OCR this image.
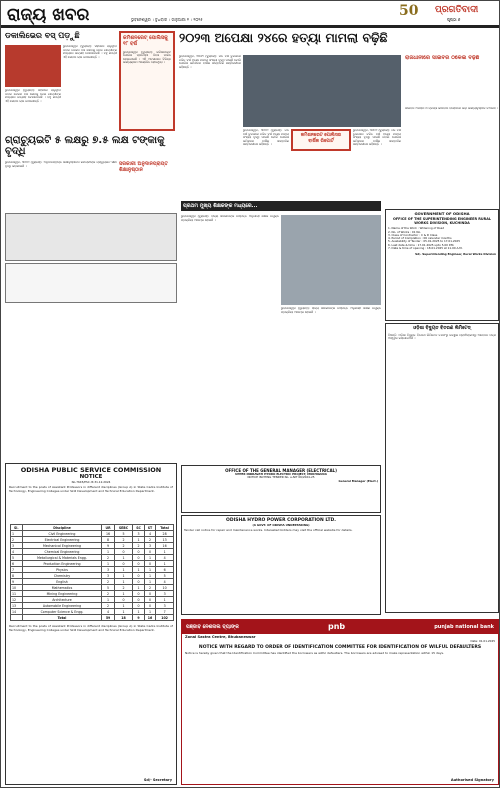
ରାଜ୍ୟ ଖବର	ଭୁବନେଶ୍ୱର । ବୁଧବାର । ଜାନୁଆରୀ ୧ । ୨୦୨୫
50 ପ୍ରଗତିବାଦୀ
ପୃଷ୍ଠା ୬
ଡକାଲିଭେର ବସ୍‌ ପଡ଼ୁଛି
ଭୁବନେଶ୍ୱର (ବ୍ୟୁରୋ): ସହରରେ ଚାଲୁଥିବା ଡବଲ ଡେକର ବସ ସେବାକୁ ନେଇ ଯାତ୍ରୀଙ୍କ ମଧ୍ୟରେ ଉତ୍ସାହ ଦେଖାଦେଇଛି । ବହୁ ଯାତ୍ରୀ ଏହି ସେବାର ଲାଭ ଉଠାଉଛନ୍ତି ।
ଭୁବନେଶ୍ୱର (ବ୍ୟୁରୋ): ସହରରେ ଚାଲୁଥିବା ଡବଲ ଡେକର ବସ ସେବାକୁ ନେଇ ଯାତ୍ରୀଙ୍କ ମଧ୍ୟରେ ଉତ୍ସାହ ଦେଖାଦେଇଛି । ବହୁ ଯାତ୍ରୀ ଏହି ସେବାର ଲାଭ ଉଠାଉଛନ୍ତି ।
କମିଶନରେଟ୍ ପୋଲିସକୁ ୧୮ ବର୍ଷ
ଭୁବନେଶ୍ୱର (ବ୍ୟୁରୋ): କମିଶନରେଟ ପୋଲିସ ପ୍ରତିଷ୍ଠା ଦିବସ ପାଳିତ ହୋଇଯାଇଛି । ଏହି ଅବସରରେ ବିଭିନ୍ନ କାର୍ଯ୍ୟକ୍ରମ ଆୟୋଜିତ ହୋଇଥିଲା ।
ଗ୍ରାଚ୍ୟୁଇଟି ୫ ଲକ୍ଷରୁ ୭.୫ ଲକ୍ଷ ଟଙ୍କାକୁ ବୃଦ୍ଧି
ଭୁବନେଶ୍ୱର, ୩୧ା୧୨ (ବ୍ୟୁରୋ): ଅନୁଦାନପ୍ରାପ୍ତ ଶିକ୍ଷାନୁଷ୍ଠାନର କର୍ମଚାରୀଙ୍କ ଗ୍ରାଚ୍ୟୁଇଟି ସୀମା ବୃଦ୍ଧି କରାଯାଇଛି ।	ସରକାରୀ ଅନୁଦାନପ୍ରାପ୍ତ ଶିକ୍ଷାନୁଷ୍ଠାନ
୨୦୨୩ ଅପେକ୍ଷା ୨୪ରେ ହତ୍ୟା ମାମଲା ବଢ଼ିଛି
ଭୁବନେଶ୍ୱର, ୩୧ା୧୨ (ବ୍ୟୁରୋ): ଗତ ବର୍ଷ ତୁଳନାରେ ଚଳିତ ବର୍ଷ ହତ୍ୟା ମାମଲା ସଂଖ୍ୟା ବୃଦ୍ଧି ପାଇଛି ବୋଲି ପୋଲିସ କମିଶନର ବାର୍ଷିକ ସାମ୍ବାଦିକ ସମ୍ମିଳନୀରେ କହିଛନ୍ତି ।
କମିଶନରେଟ ପୋଲିସର ବାର୍ଷିକ ରିପୋର୍ଟ
ଭୁବନେଶ୍ୱର, ୩୧ା୧୨ (ବ୍ୟୁରୋ): ଗତ ବର୍ଷ ତୁଳନାରେ ଚଳିତ ବର୍ଷ ହତ୍ୟା ମାମଲା ସଂଖ୍ୟା ବୃଦ୍ଧି ପାଇଛି ବୋଲି ପୋଲିସ କମିଶନର ବାର୍ଷିକ ସାମ୍ବାଦିକ ସମ୍ମିଳନୀରେ କହିଛନ୍ତି ।
ଭୁବନେଶ୍ୱର, ୩୧ା୧୨ (ବ୍ୟୁରୋ): ଗତ ବର୍ଷ ତୁଳନାରେ ଚଳିତ ବର୍ଷ ହତ୍ୟା ମାମଲା ସଂଖ୍ୟା ବୃଦ୍ଧି ପାଇଛି ବୋଲି ପୋଲିସ କମିଶନର ବାର୍ଷିକ ସାମ୍ବାଦିକ ସମ୍ମିଳନୀରେ କହିଛନ୍ତି ।
ରାଜଧାନୀରେ ସାଇବର ଠକେଇ ବଢ଼ିଛି
ସାଇବର ଅପରାଧ ଓ ଡ୍ରଗ୍ସ କାରବାର ବିରୋଧରେ କଡ଼ା କାର୍ଯ୍ୟାନୁଷ୍ଠାନ ନିଆଯିବ ।
ODISHA PUBLIC SERVICE COMMISSION
NOTICE
No.7645/PSC dt.31.12.2024
Recruitment to the posts of Assistant Professors in different disciplines (Group A) in State Cadre Institute of Technology, Engineering Colleges under Skill Development and Technical Education Department.
Sl.	Discipline	UR	SEBC	SC	ST	Total
1	Civil Engineering	16	5	3	4	28
2	Electrical Engineering	8	2	1	2	13
3	Mechanical Engineering	9	2	2	3	16
4	Chemical Engineering	1	0	0	0	1
5	Metallurgical & Materials Engg.	2	1	0	1	4
6	Production Engineering	1	0	0	0	1
7	Physics	3	1	1	1	6
8	Chemistry	3	1	0	1	5
9	English	2	1	0	1	4
10	Mathematics	5	2	1	2	10
11	Mining Engineering	2	1	0	0	3
12	Architecture	1	0	0	0	1
13	Automobile Engineering	2	1	0	0	3
14	Computer Science & Engg.	4	1	1	1	7
	Total	59	18	9	16	102
Recruitment to the posts of Assistant Professors in different disciplines (Group A) in State Cadre Institute of Technology, Engineering Colleges under Skill Development and Technical Education Department.
Sd/- Secretary
ପ୍ରଥମ ମୁଖ୍ୟ ଶିକ୍ଷକଙ୍କ ମଧ୍ୟରେ...
ଭୁବନେଶ୍ୱର (ବ୍ୟୁରୋ): ରାଜ୍ୟ ସରକାରଙ୍କ ନିଷ୍ପତ୍ତି ଅନୁଯାୟୀ ଶିକ୍ଷକ ନିଯୁକ୍ତି ପ୍ରକ୍ରିୟା ଆରମ୍ଭ ହୋଇଛି ।
ଭୁବନେଶ୍ୱର (ବ୍ୟୁରୋ): ରାଜ୍ୟ ସରକାରଙ୍କ ନିଷ୍ପତ୍ତି ଅନୁଯାୟୀ ଶିକ୍ଷକ ନିଯୁକ୍ତି ପ୍ରକ୍ରିୟା ଆରମ୍ଭ ହୋଇଛି ।
GOVERNMENT OF ODISHA
OFFICE OF THE SUPERINTENDING ENGINEER RURAL WORKS DIVISION, KUCHINDA
1. Name of the Work : Widening of Road
2. No. of Works : 01 No.
3. Class of Contractor : C & D Class
4. Period of Completion : 06 calendar months
5. Availability of Tender : 05.01.2025 to 17.01.2025
6. Last date & time : 17.01.2025 upto 5.00 P.M.
7. Date & time of opening : 18.01.2025 at 11.00 A.M.
Sd/- Superintending Engineer, Rural Works Division
ଓଡ଼ିଶା ବିଦ୍ୟୁତ ବିତରଣ ଲିମିଟେଡ୍
ବିଜ୍ଞପ୍ତି: ଓଡ଼ିଶା ବିଦ୍ୟୁତ ବିତରଣ ଲିମିଟେଡ ତରଫରୁ ଇଚ୍ଛୁକ ପ୍ରାର୍ଥୀଙ୍କଠାରୁ ଆବେଦନ ପତ୍ର ଆହ୍ୱାନ କରାଯାଉଅଛି ।
OFFICE OF THE GENERAL MANAGER (ELECTRICAL)
UPPER INDRAVATI HYDRO ELECTRIC PROJECT, MUKHIGUDA
NOTICE INVITING TENDER No. e-NIT 06/2024-25
General Manager (Elect.)
ODISHA HYDRO POWER CORPORATION LTD.
(A GOVT. OF ODISHA UNDERTAKING)
Tender call notice for repair and maintenance works. Interested bidders may visit the official website for details.
ପଞ୍ଜାବ ନେଶନାଲ ବ୍ୟାଙ୍କ	pnb	punjab national bank
Zonal Sastra Centre, Bhubaneswar
Date: 01.01.2025
NOTICE WITH REGARD TO ORDER OF IDENTIFICATION COMMITTEE FOR IDENTIFICATION OF WILFUL DEFAULTERS
Notice is hereby given that the Identification Committee has identified the borrowers as wilful defaulters. The borrowers are advised to make representation within 15 days.
Authorised Signatory
